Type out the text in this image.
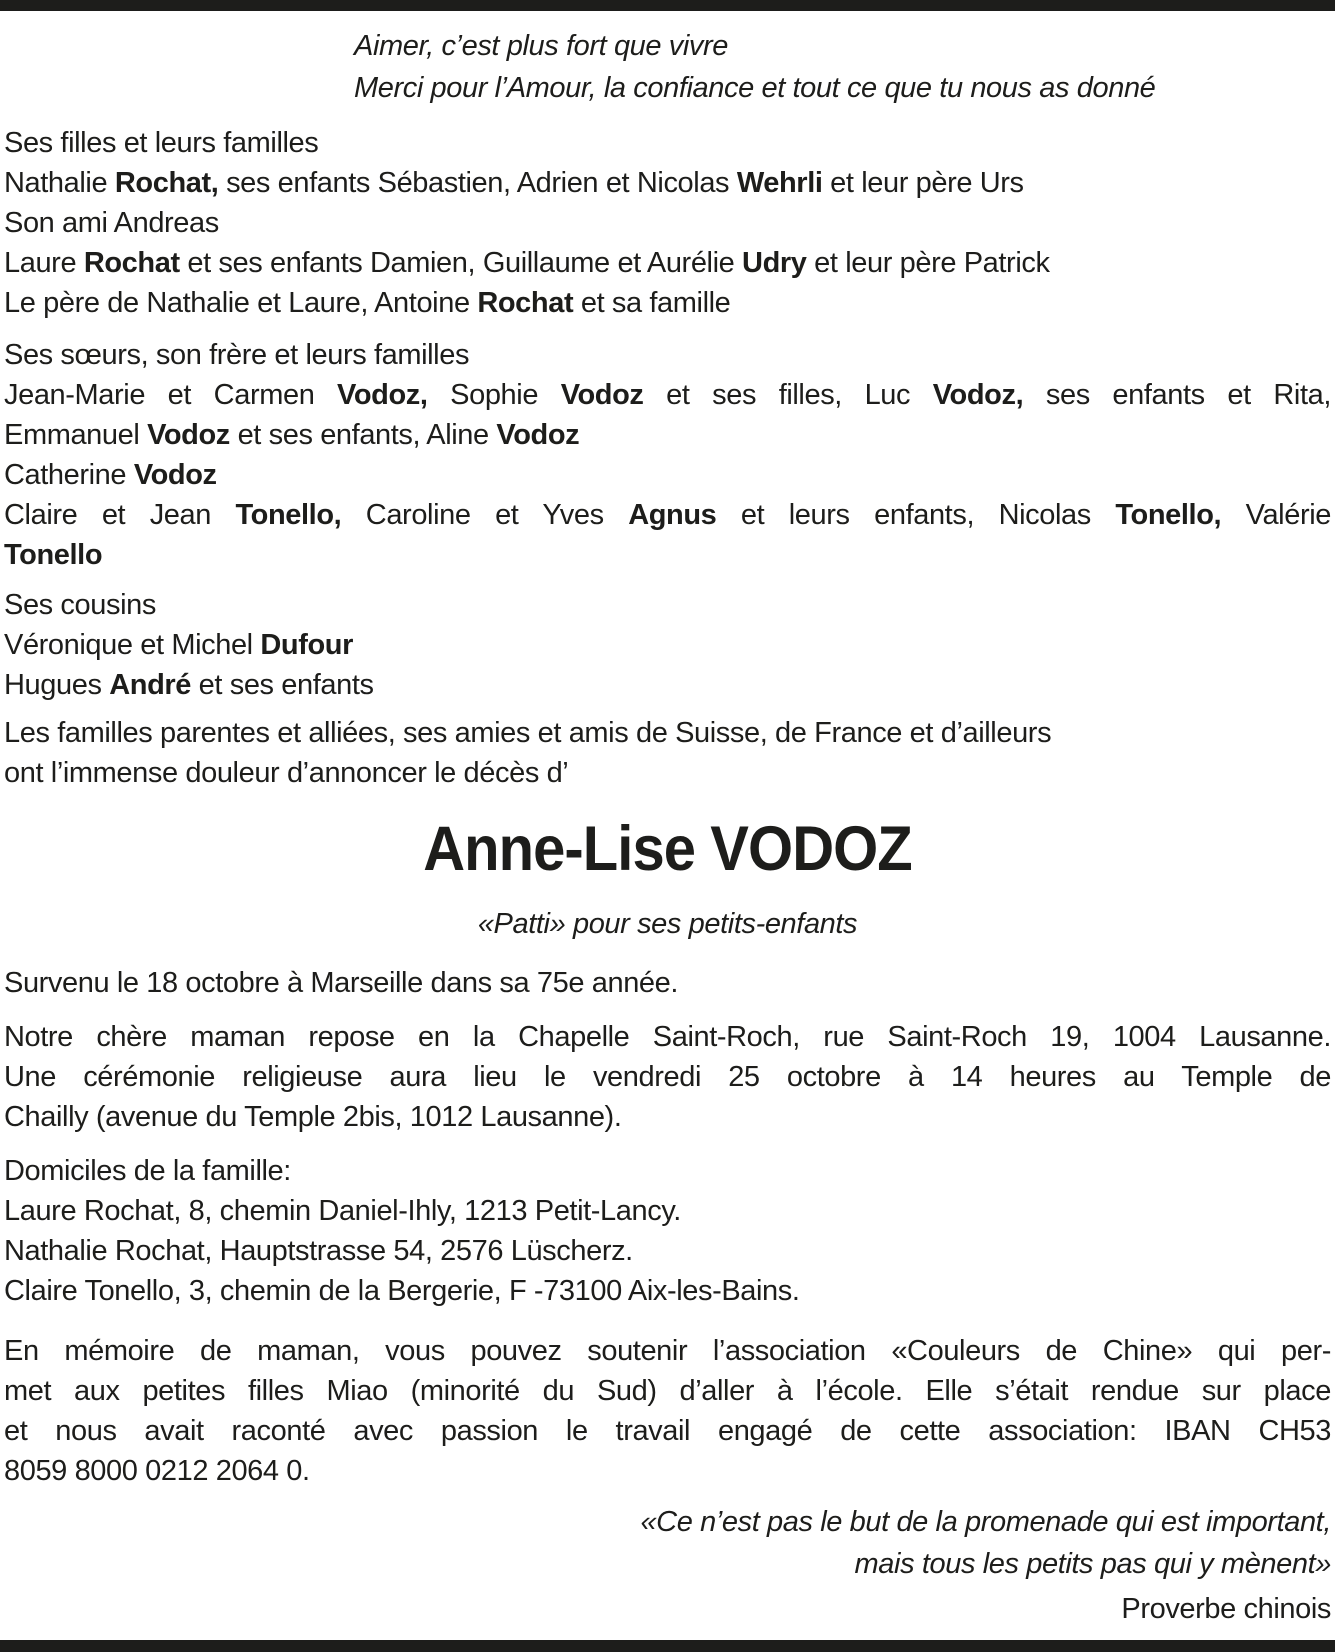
Aimer, c’est plus fort que vivre
Merci pour l’Amour, la confiance et tout ce que tu nous as donné
Ses filles et leurs familles
Nathalie Rochat, ses enfants Sébastien, Adrien et Nicolas Wehrli et leur père Urs
Son ami Andreas
Laure Rochat et ses enfants Damien, Guillaume et Aurélie Udry et leur père Patrick
Le père de Nathalie et Laure, Antoine Rochat et sa famille
Ses sœurs, son frère et leurs familles
Jean-Marie et Carmen Vodoz, Sophie Vodoz et ses filles, Luc Vodoz, ses enfants et Rita,
Emmanuel Vodoz et ses enfants, Aline Vodoz
Catherine Vodoz
Claire et Jean Tonello, Caroline et Yves Agnus et leurs enfants, Nicolas Tonello, Valérie
Tonello
Ses cousins
Véronique et Michel Dufour
Hugues André et ses enfants
Les familles parentes et alliées, ses amies et amis de Suisse, de France et d’ailleurs
ont l’immense douleur d’annoncer le décès d’
Anne-Lise VODOZ
«Patti» pour ses petits-enfants
Survenu le 18 octobre à Marseille dans sa 75e année.
Notre chère maman repose en la Chapelle Saint-Roch, rue Saint-Roch 19, 1004 Lausanne.
Une cérémonie religieuse aura lieu le vendredi 25 octobre à 14 heures au Temple de
Chailly (avenue du Temple 2bis, 1012 Lausanne).
Domiciles de la famille:
Laure Rochat, 8, chemin Daniel-Ihly, 1213 Petit-Lancy.
Nathalie Rochat, Hauptstrasse 54, 2576 Lüscherz.
Claire Tonello, 3, chemin de la Bergerie, F -73100 Aix-les-Bains.
En mémoire de maman, vous pouvez soutenir l’association «Couleurs de Chine» qui per-
met aux petites filles Miao (minorité du Sud) d’aller à l’école. Elle s’était rendue sur place
et nous avait raconté avec passion le travail engagé de cette association: IBAN CH53
8059 8000 0212 2064 0.
«Ce n’est pas le but de la promenade qui est important,
mais tous les petits pas qui y mènent»
Proverbe chinois
